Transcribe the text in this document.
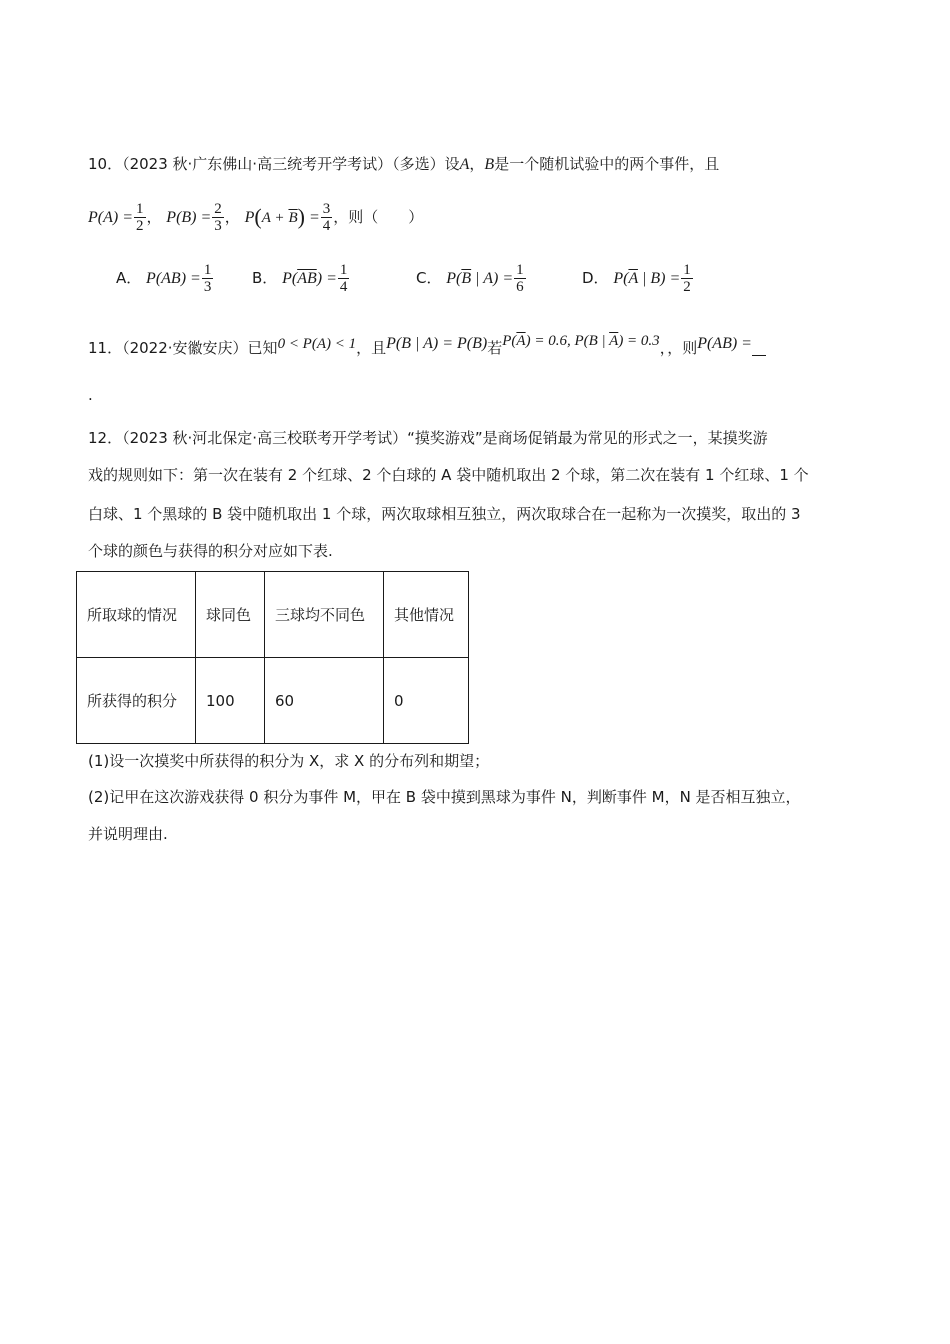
10．（2023 秋·广东佛山·高三统考开学考试）（多选）设A，B是一个随机试验中的两个事件，且
$P(A) = \frac{1}{2}$ ， $P(B) = \frac{2}{3}$ ， $P(A + \overline{B}) = \frac{3}{4}$ ，则（　　）
A． $P(AB) = \frac{1}{3}$	B． $P(\overline{AB}) = \frac{1}{4}$	C． $P(\overline{B}$ | $A) = \frac{1}{6}$	D． $P(\overline{A}$ | $B) = \frac{1}{2}$
11．（2022·安徽安庆）已知0 < P(A) < 1，且P(B | A) = P(B)若$P(\overline{A}) = 0.6$, P(B | $\overline{A}) = 0.3$，，则P(AB) =
.
12．（2023 秋·河北保定·高三校联考开学考试）“摸奖游戏”是商场促销最为常见的形式之一，某摸奖游
戏的规则如下：第一次在装有 2 个红球、2 个白球的 A 袋中随机取出 2 个球，第二次在装有 1 个红球、1 个
白球、1 个黑球的 B 袋中随机取出 1 个球，两次取球相互独立，两次取球合在一起称为一次摸奖，取出的 3
个球的颜色与获得的积分对应如下表.
所取球的情况	球同色	三球均不同色	其他情况
所获得的积分	100	60	0
(1)设一次摸奖中所获得的积分为 X，求 X 的分布列和期望；
(2)记甲在这次游戏获得 0 积分为事件 M，甲在 B 袋中摸到黑球为事件 N，判断事件 M，N 是否相互独立，
并说明理由.
